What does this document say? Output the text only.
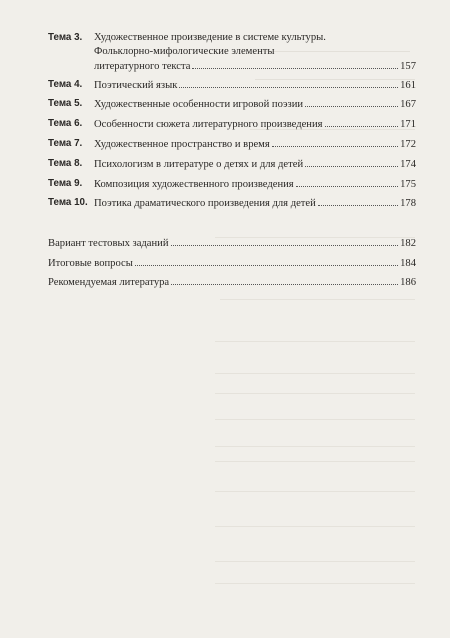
Тема 3. Художественное произведение в системе культуры.
Фольклорно-мифологические элементы
литературного текста	157
Тема 4. Поэтический язык	161
Тема 5. Художественные особенности игровой поэзии	167
Тема 6. Особенности сюжета литературного произведения	171
Тема 7. Художественное пространство и время	172
Тема 8. Психологизм в литературе о детях и для детей	174
Тема 9. Композиция художественного произведения	175
Тема 10. Поэтика драматического произведения для детей	178
Вариант тестовых заданий	182
Итоговые вопросы	184
Рекомендуемая литература	186
